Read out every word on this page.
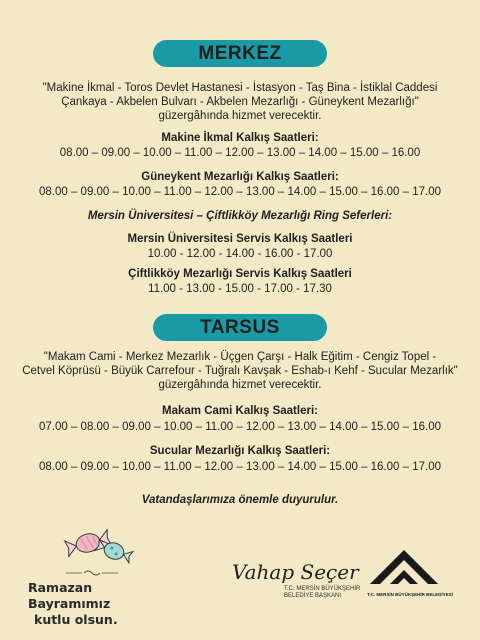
MERKEZ
"Makine İkmal - Toros Devlet Hastanesi - İstasyon - Taş Bina - İstiklal Caddesi
Çankaya - Akbelen Bulvarı - Akbelen Mezarlığı - Güneykent Mezarlığı"
güzergâhında hizmet verecektir.
Makine İkmal Kalkış Saatleri:
08.00 – 09.00 – 10.00 – 11.00 – 12.00 – 13.00 – 14.00 – 15.00 – 16.00
Güneykent Mezarlığı Kalkış Saatleri:
08.00 – 09.00 – 10.00 – 11.00 – 12.00 – 13.00 – 14.00 – 15.00 – 16.00 – 17.00
Mersin Üniversitesi – Çiftlikköy Mezarlığı Ring Seferleri:
Mersin Üniversitesi Servis Kalkış Saatleri
10.00 - 12.00 - 14.00 - 16.00 - 17.00
Çiftlikköy Mezarlığı Servis Kalkış Saatleri
11.00 - 13.00 - 15.00 - 17.00 - 17.30
TARSUS
"Makam Cami - Merkez Mezarlık - Üçgen Çarşı - Halk Eğitim - Cengiz Topel -
Cetvel Köprüsü - Büyük Carrefour - Tuğralı Kavşak - Eshab-ı Kehf - Sucular Mezarlık"
güzergâhında hizmet verecektir.
Makam Cami Kalkış Saatleri:
07.00 – 08.00 – 09.00 – 10.00 – 11.00 – 12.00 – 13.00 – 14.00 – 15.00 – 16.00
Sucular Mezarlığı Kalkış Saatleri:
08.00 – 09.00 – 10.00 – 11.00 – 12.00 – 13.00 – 14.00 – 15.00 – 16.00 – 17.00
Vatandaşlarımıza önemle duyurulur.
Ramazan Bayramımız
kutlu olsun.
Vahap Seçer
T.C. MERSİN BÜYÜKŞEHİR
BELEDİYE BAŞKANI	T.C. MERSİN BÜYÜKŞEHİR BELEDİYESİ
